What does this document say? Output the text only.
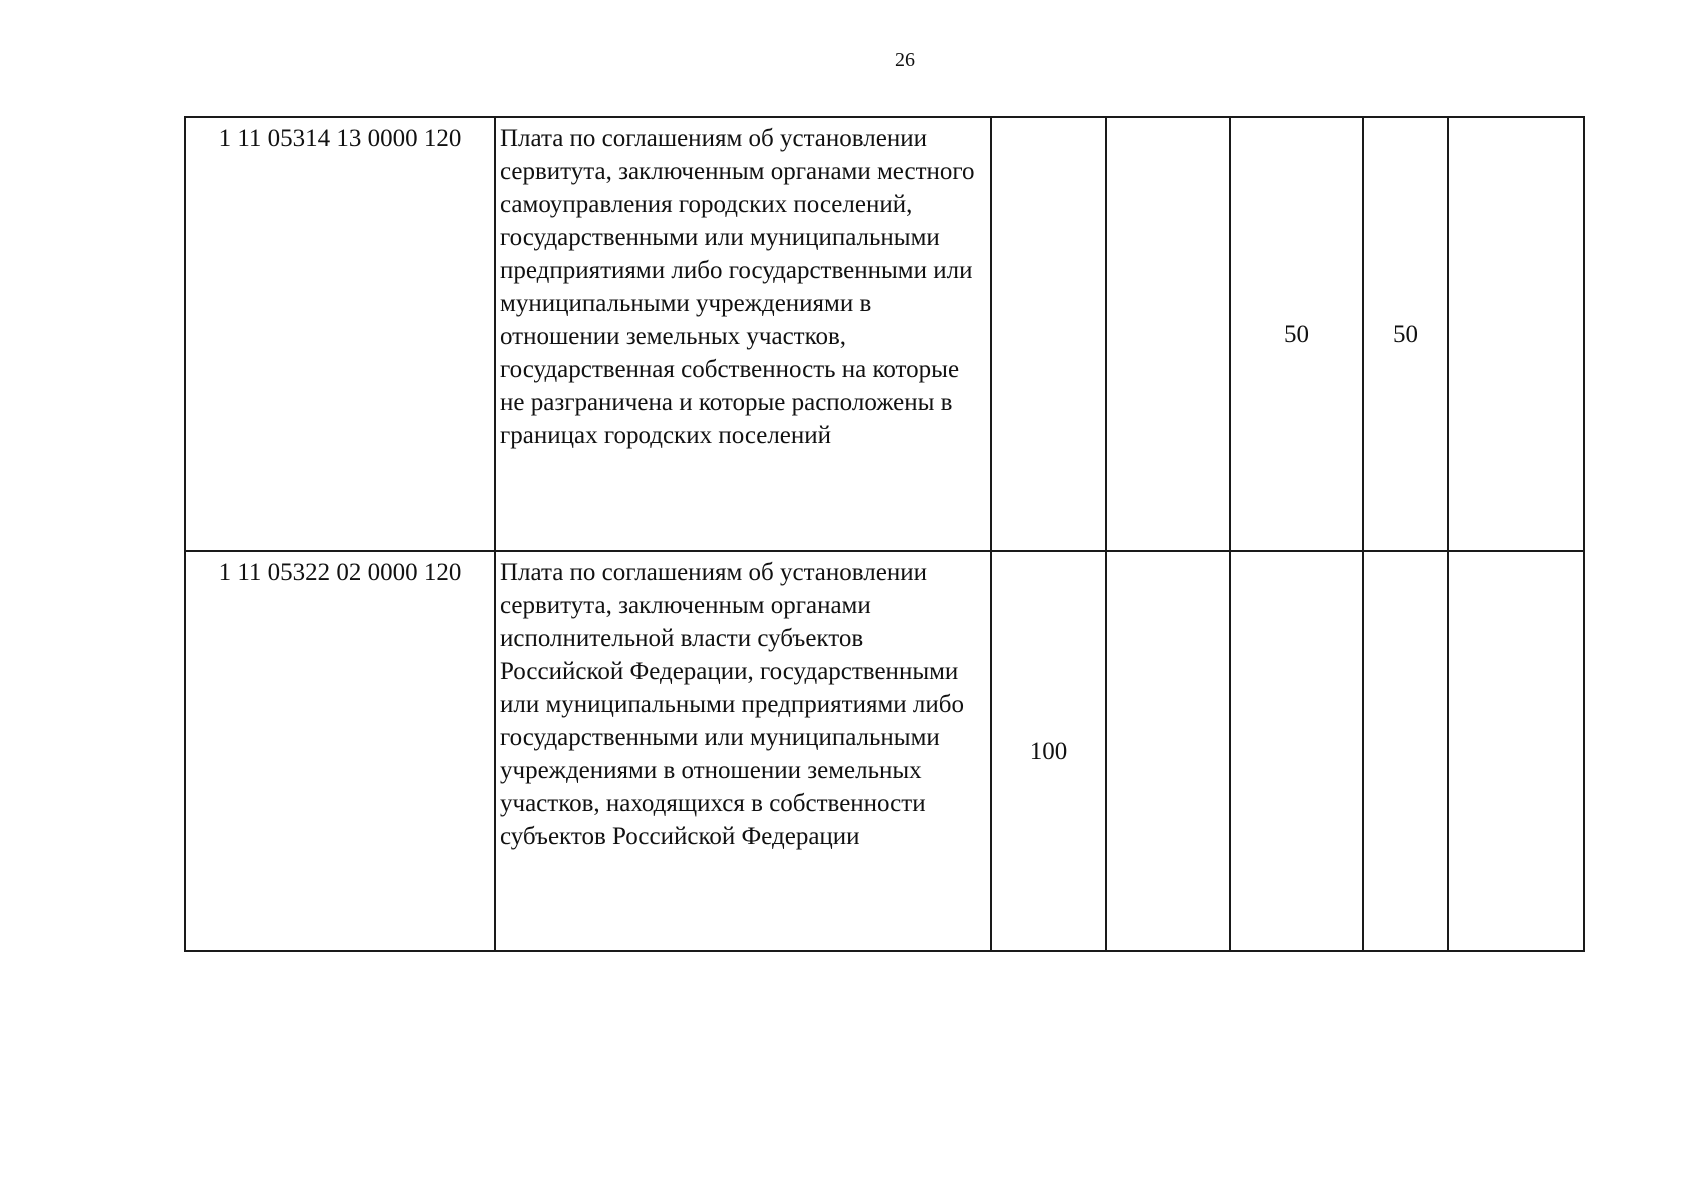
26
1 11 05314 13 0000 120	Плата по соглашениям об установлении сервитута, заключенным органами местного самоуправления городских поселений, государственными или муниципальными предприятиями либо государственными или муниципальными учреждениями в отношении земельных участков, государственная собственность на которые не разграничена и которые расположены в границах городских поселений			50	50	
1 11 05322 02 0000 120	Плата по соглашениям об установлении сервитута, заключенным органами исполнительной власти субъектов Российской Федерации, государственными или муниципальными предприятиями либо государственными или муниципальными учреждениями в отношении земельных участков, находящихся в собственности субъектов Российской Федерации	100				
